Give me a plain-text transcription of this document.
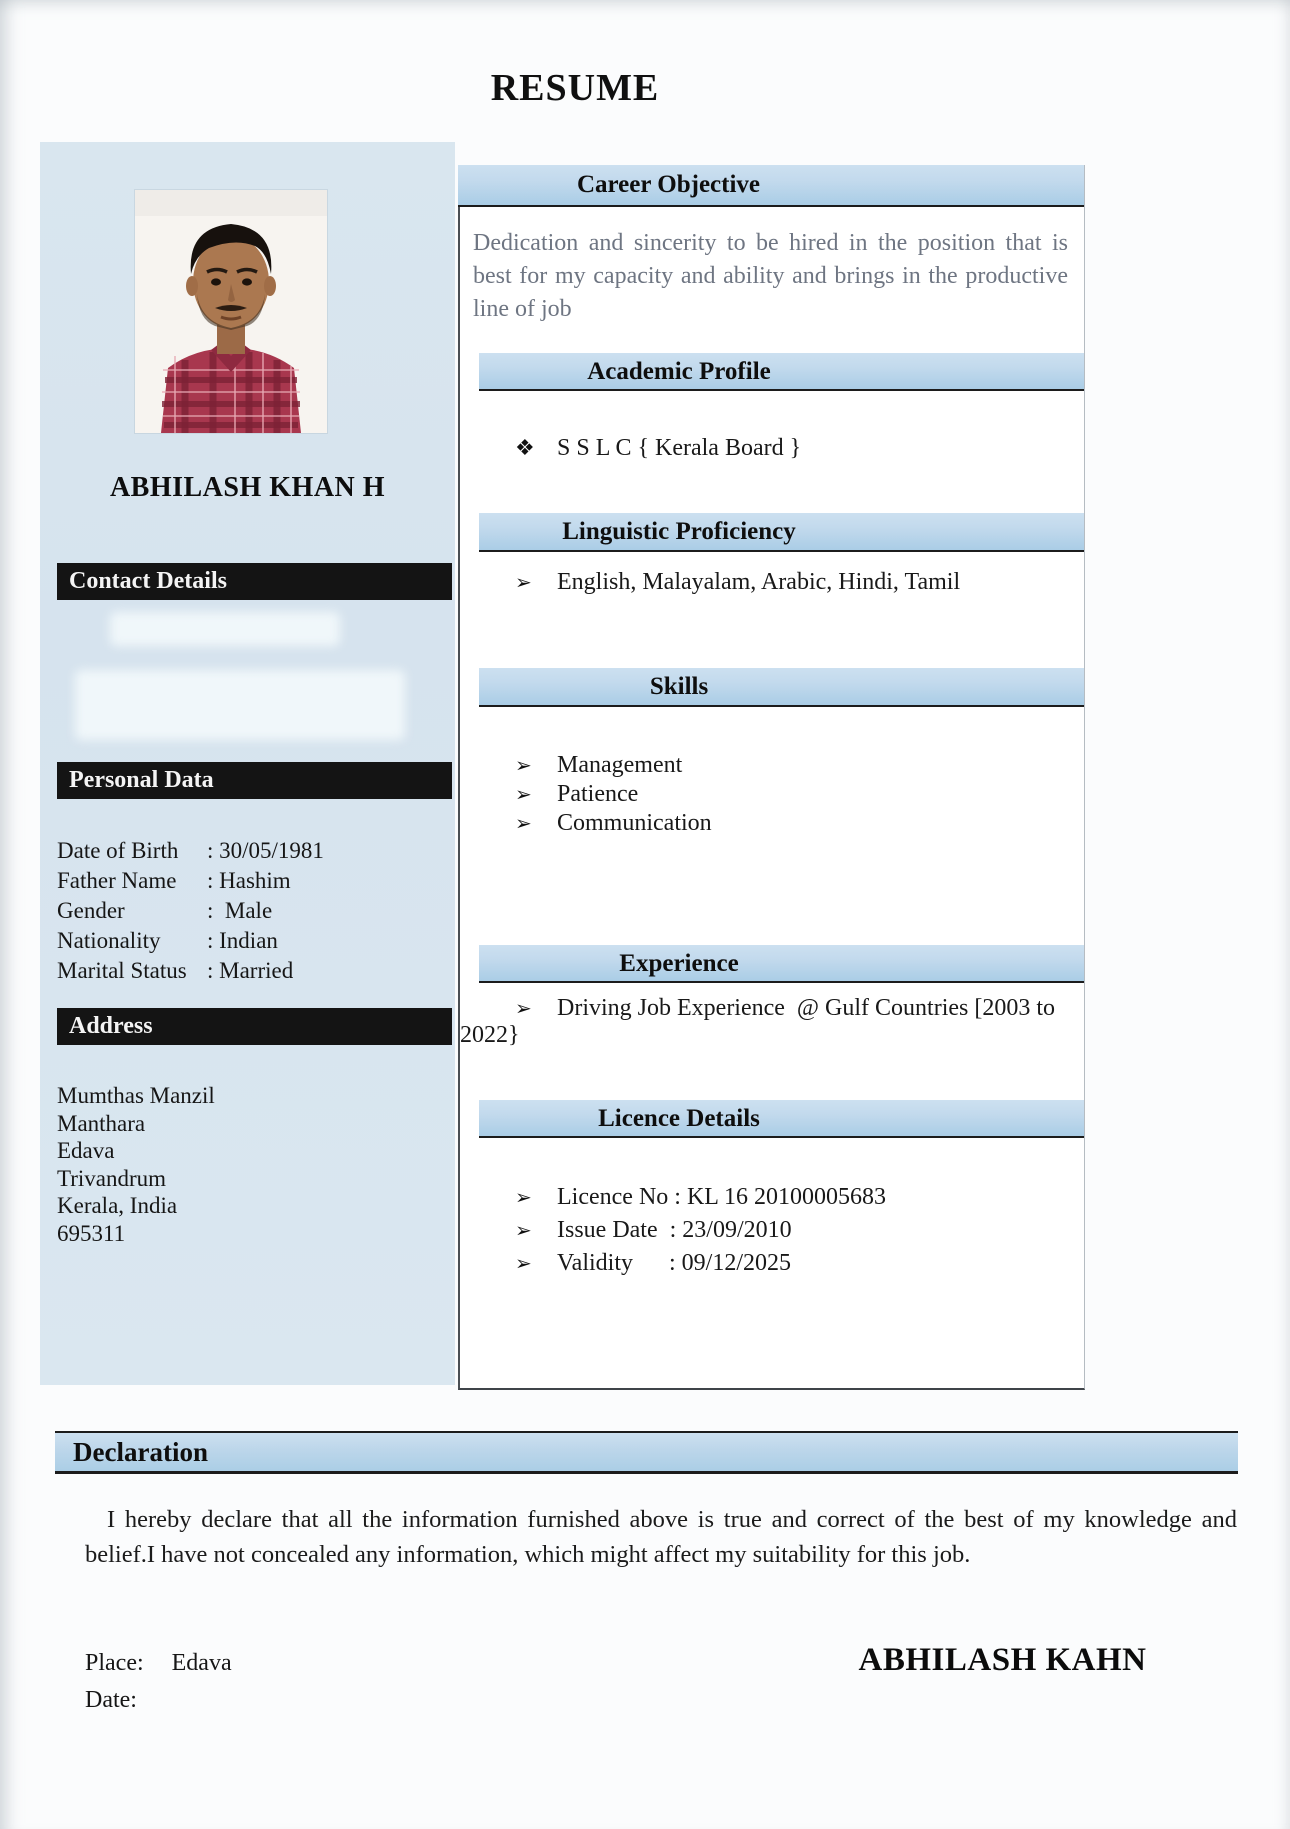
RESUME
ABHILASH KHAN H
Contact Details
Personal Data
Date of Birth : 30/05/1981
Father Name : Hashim
Gender	:  Male
Nationality : Indian
Marital Status : Married
Address
Mumthas Manzil
Manthara
Edava
Trivandrum
Kerala, India
695311
Career Objective

Dedication and sincerity to be hired in the position that is best for my capacity and ability and brings in the productive line of job

Academic Profile
❖ S S L C { Kerala Board }
Linguistic Proficiency
➢ English, Malayalam, Arabic, Hindi, Tamil
Skills
➢ Management
➢ Patience
➢ Communication
Experience
➢ Driving Job Experience  @ Gulf Countries [2003 to 2022}
Licence Details
➢ Licence No : KL 16 20100005683
➢ Issue Date  : 23/09/2010
➢ Validity      : 09/12/2025
Declaration

I hereby declare that all the information furnished above is true and correct of the best of my knowledge and belief.I have not concealed any information, which might affect my suitability for this job.

Place: Edava
Date:
ABHILASH KAHN
